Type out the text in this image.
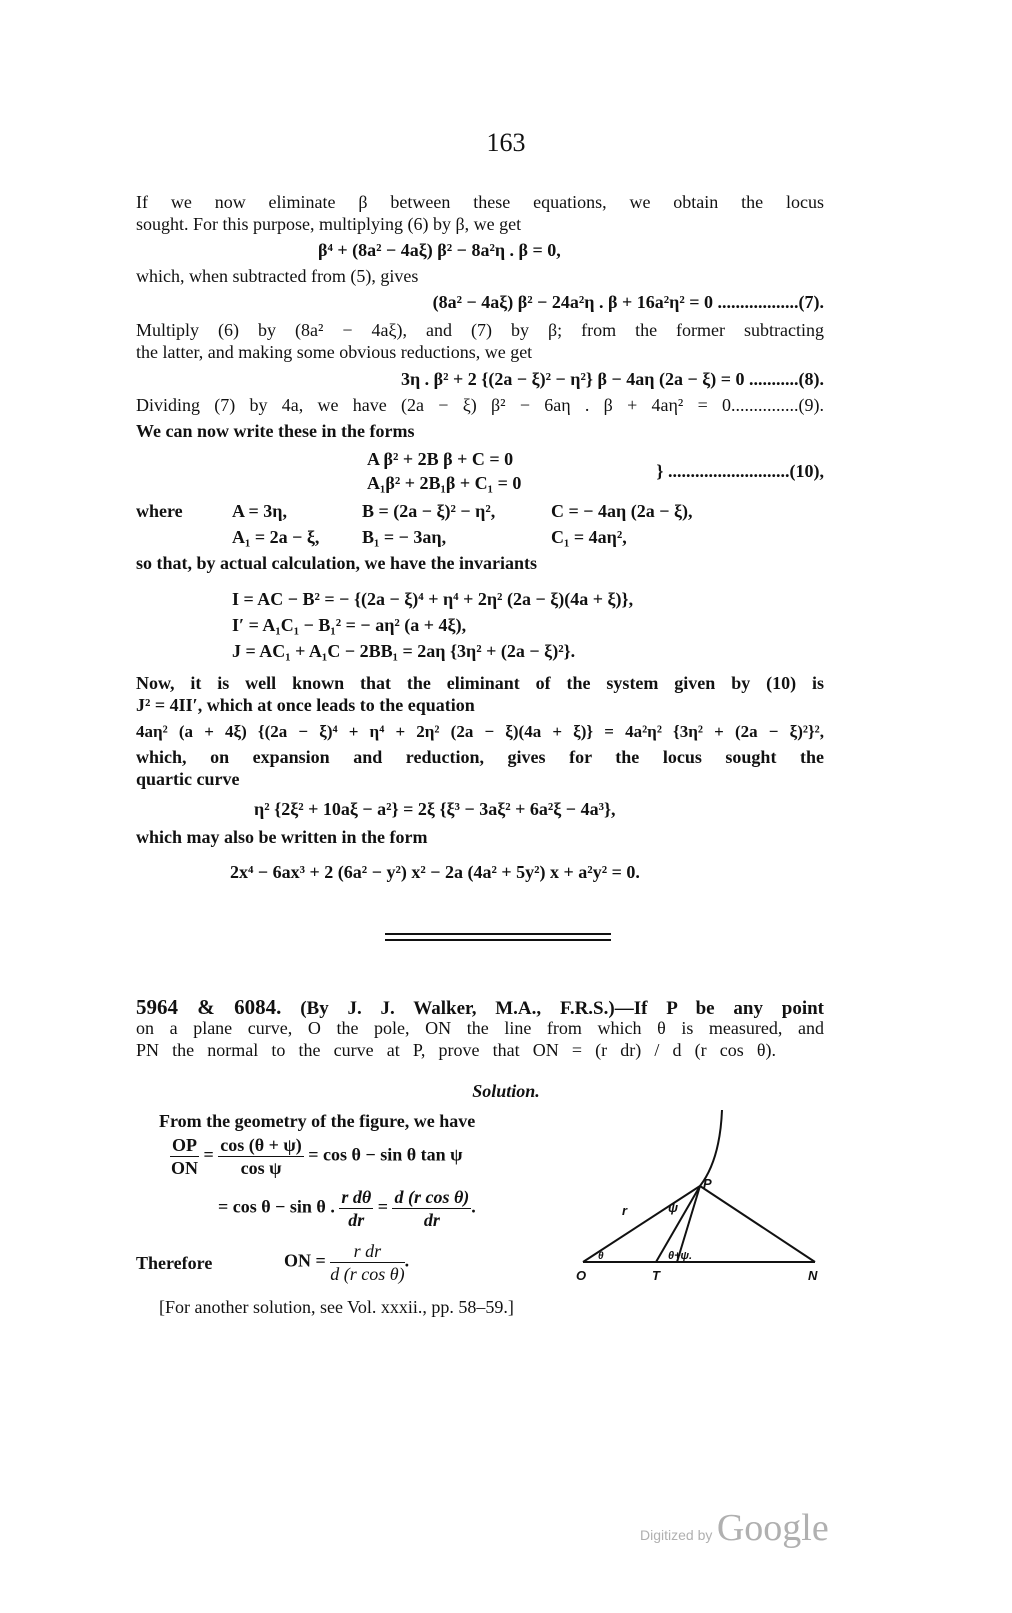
163
If we now eliminate β between these equations, we obtain the locus
sought. For this purpose, multiplying (6) by β, we get
β⁴ + (8a² − 4aξ) β² − 8a²η . β = 0,
which, when subtracted from (5), gives
(8a² − 4aξ) β² − 24a²η . β + 16a²η² = 0 ..................(7).
Multiply (6) by (8a² − 4aξ), and (7) by β; from the former subtracting
the latter, and making some obvious reductions, we get
3η . β² + 2 {(2a − ξ)² − η²} β − 4aη (2a − ξ) = 0 ...........(8).
Dividing (7) by 4a, we have (2a − ξ) β² − 6aη . β + 4aη² = 0...............(9).
We can now write these in the forms
A β² + 2B β + C = 0
A₁β² + 2B₁β + C₁ = 0
} ...........................(10),
where	A = 3η,	B = (2a − ξ)² − η²,	C = − 4aη (2a − ξ),
A₁ = 2a − ξ, B₁ = − 3aη,	C₁ = 4aη²,
so that, by actual calculation, we have the invariants
I = AC − B² = − {(2a − ξ)⁴ + η⁴ + 2η² (2a − ξ)(4a + ξ)},
I′ = A₁C₁ − B₁² = − aη² (a + 4ξ),
J = AC₁ + A₁C − 2BB₁ = 2aη {3η² + (2a − ξ)²}.
Now, it is well known that the eliminant of the system given by (10) is
J² = 4II′, which at once leads to the equation
4aη² (a + 4ξ) {(2a − ξ)⁴ + η⁴ + 2η² (2a − ξ)(4a + ξ)} = 4a²η² {3η² + (2a − ξ)²}²,
which, on expansion and reduction, gives for the locus sought the
quartic curve
η² {2ξ² + 10aξ − a²} = 2ξ {ξ³ − 3aξ² + 6a²ξ − 4a³},
which may also be written in the form
2x⁴ − 6ax³ + 2 (6a² − y²) x² − 2a (4a² + 5y²) x + a²y² = 0.
5964 & 6084. (By J. J. Walker, M.A., F.R.S.)—If P be any point
on a plane curve, O the pole, ON the line from which θ is measured, and
PN the normal to the curve at P, prove that ON = (r dr) / d (r cos θ).
Solution.
From the geometry of the figure, we have
$\frac{OP}{ON} = \frac{\cos (\theta + \psi)}{\text{cos ψ}} = \cos \theta - \sin \theta$ tan ψ
= cos θ − sin θ . $\frac{\text{r dθ}}{dr} = \frac{\text{d (r cos θ)}}{dr}$ .
Therefore	ON = $\frac{\text{r dr}}{\text{d (r cos θ)}}$ .
[For another solution, see Vol. xxxii., pp. 58–59.]
P
O	T	N
r	ψ
θ	θ+ψ.
Digitized by Google
